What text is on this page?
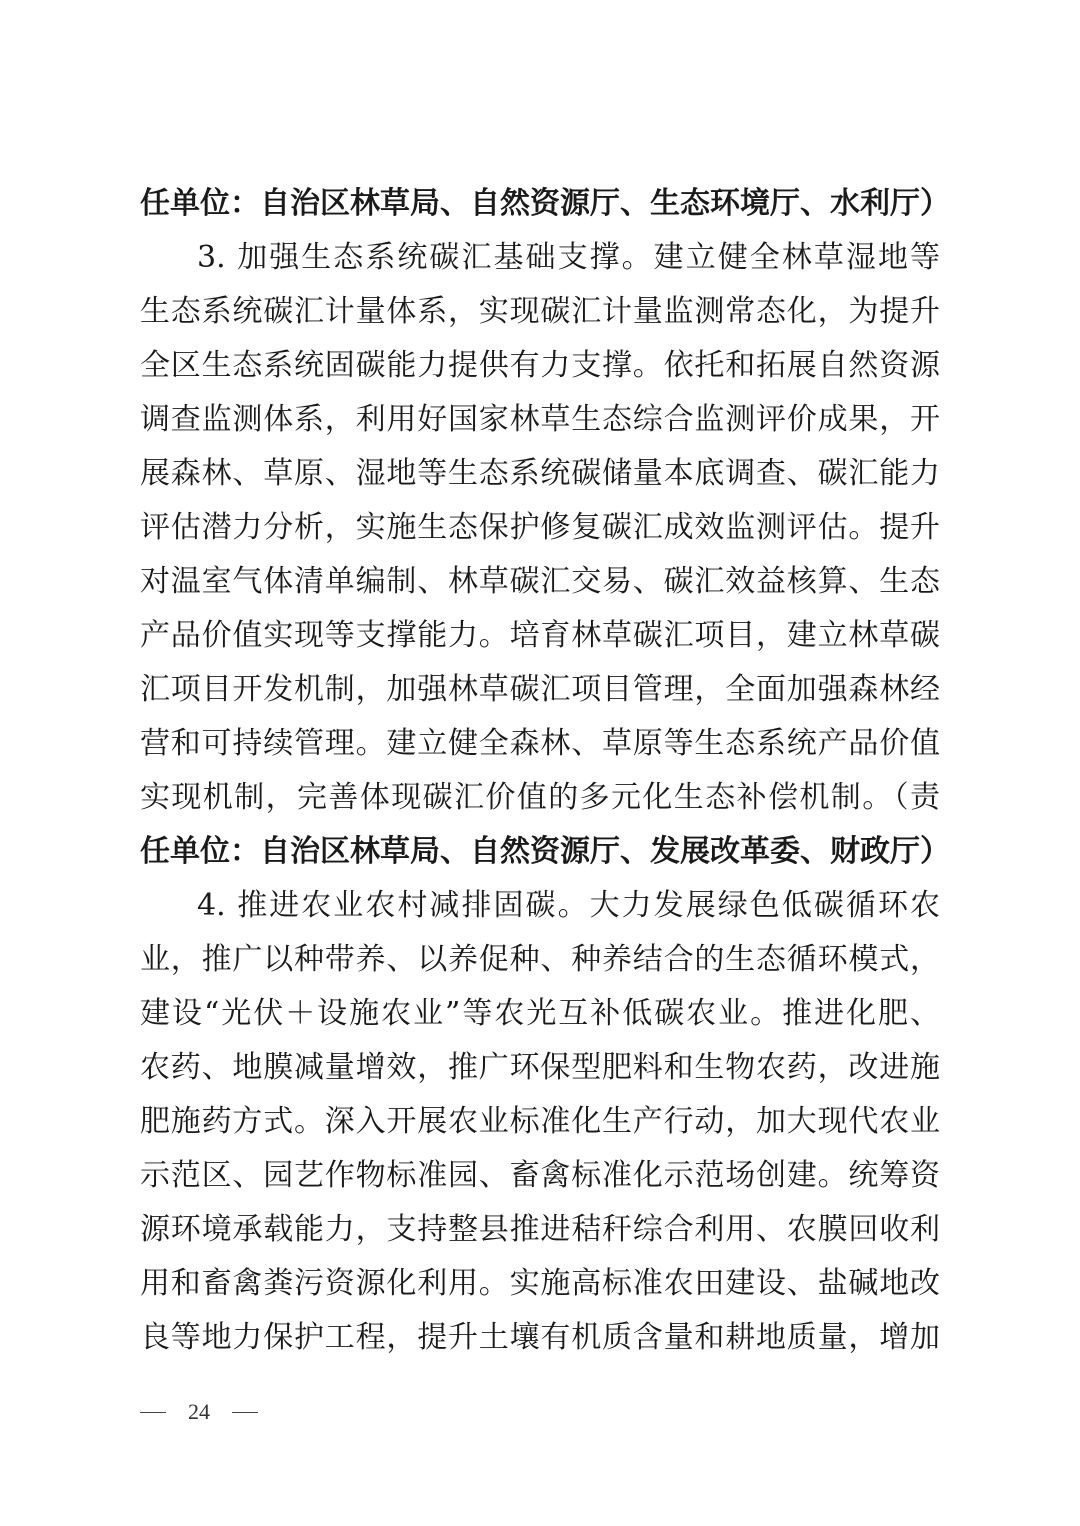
任单位：自治区林草局、自然资源厅、生态环境厅、水利厅）
3. 加强生态系统碳汇基础支撑。建立健全林草湿地等
生态系统碳汇计量体系，实现碳汇计量监测常态化，为提升
全区生态系统固碳能力提供有力支撑。依托和拓展自然资源
调查监测体系，利用好国家林草生态综合监测评价成果，开
展森林、草原、湿地等生态系统碳储量本底调查、碳汇能力
评估潜力分析，实施生态保护修复碳汇成效监测评估。提升
对温室气体清单编制、林草碳汇交易、碳汇效益核算、生态
产品价值实现等支撑能力。培育林草碳汇项目，建立林草碳
汇项目开发机制，加强林草碳汇项目管理，全面加强森林经
营和可持续管理。建立健全森林、草原等生态系统产品价值
实现机制，完善体现碳汇价值的多元化生态补偿机制。（责
任单位：自治区林草局、自然资源厅、发展改革委、财政厅）
4. 推进农业农村减排固碳。大力发展绿色低碳循环农
业，推广以种带养、以养促种、种养结合的生态循环模式，
建设“光伏＋设施农业”等农光互补低碳农业。推进化肥、
农药、地膜减量增效，推广环保型肥料和生物农药，改进施
肥施药方式。深入开展农业标准化生产行动，加大现代农业
示范区、园艺作物标准园、畜禽标准化示范场创建。统筹资
源环境承载能力，支持整县推进秸秆综合利用、农膜回收利
用和畜禽粪污资源化利用。实施高标准农田建设、盐碱地改
良等地力保护工程，提升土壤有机质含量和耕地质量，增加
24
